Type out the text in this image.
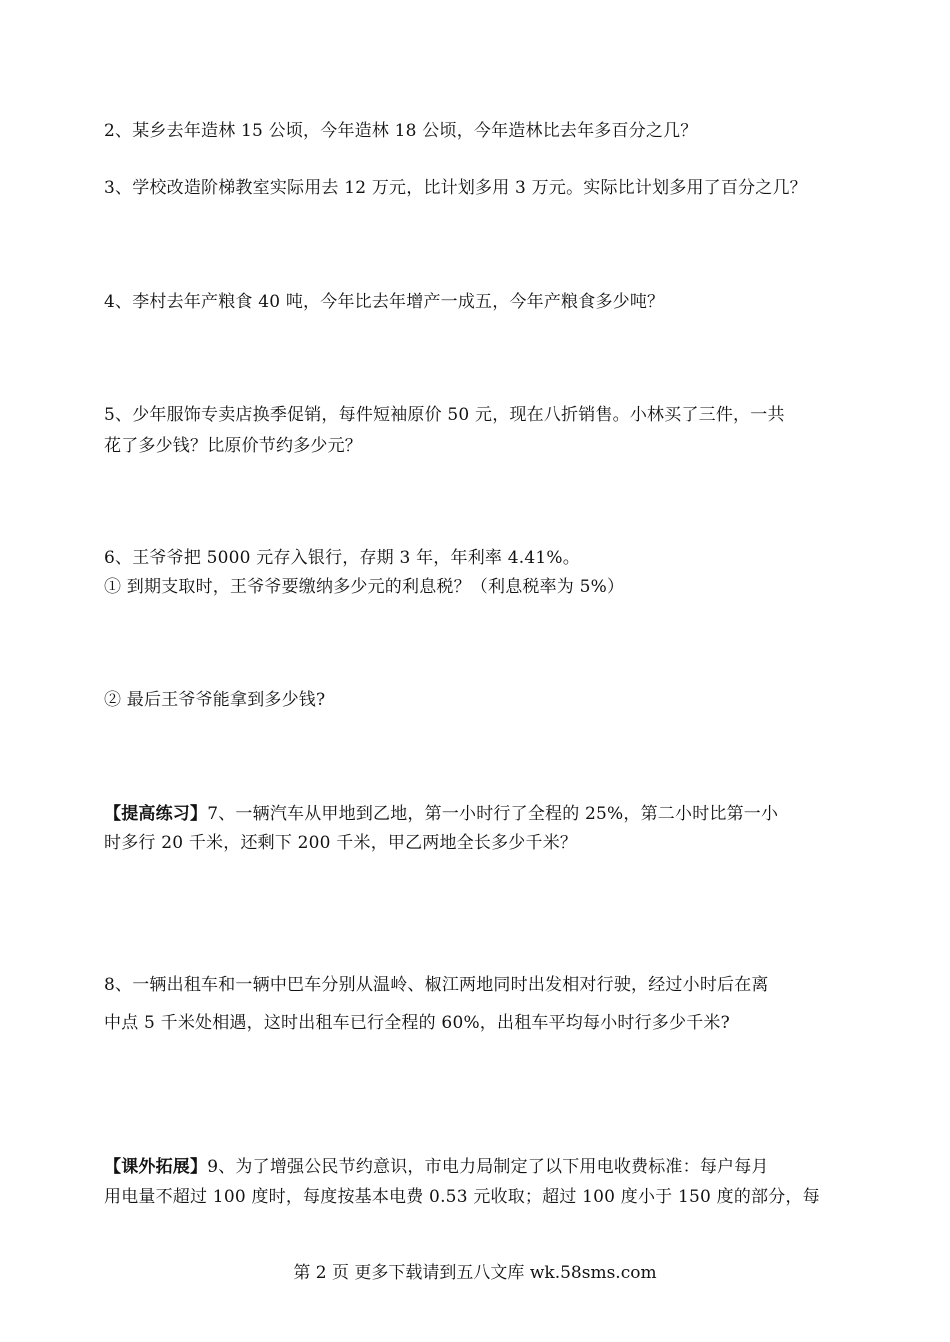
2、某乡去年造林 15 公顷，今年造林 18 公顷，今年造林比去年多百分之几？
3、学校改造阶梯教室实际用去 12 万元，比计划多用 3 万元。实际比计划多用了百分之几？
4、李村去年产粮食 40 吨，今年比去年增产一成五，今年产粮食多少吨？
5、少年服饰专卖店换季促销，每件短袖原价 50 元，现在八折销售。小林买了三件，一共
花了多少钱？比原价节约多少元？
6、王爷爷把 5000 元存入银行，存期 3 年，年利率 4.41%。
① 到期支取时，王爷爷要缴纳多少元的利息税？（利息税率为 5%）
② 最后王爷爷能拿到多少钱?
【提高练习】7、一辆汽车从甲地到乙地，第一小时行了全程的 25%，第二小时比第一小
时多行 20 千米，还剩下 200 千米，甲乙两地全长多少千米？
8、一辆出租车和一辆中巴车分别从温岭、椒江两地同时出发相对行驶，经过小时后在离
中点 5 千米处相遇，这时出租车已行全程的 60%，出租车平均每小时行多少千米?
【课外拓展】9、为了增强公民节约意识，市电力局制定了以下用电收费标准：每户每月
用电量不超过 100 度时，每度按基本电费 0.53 元收取；超过 100 度小于 150 度的部分，每
第 2 页 更多下载请到五八文库 wk.58sms.com
